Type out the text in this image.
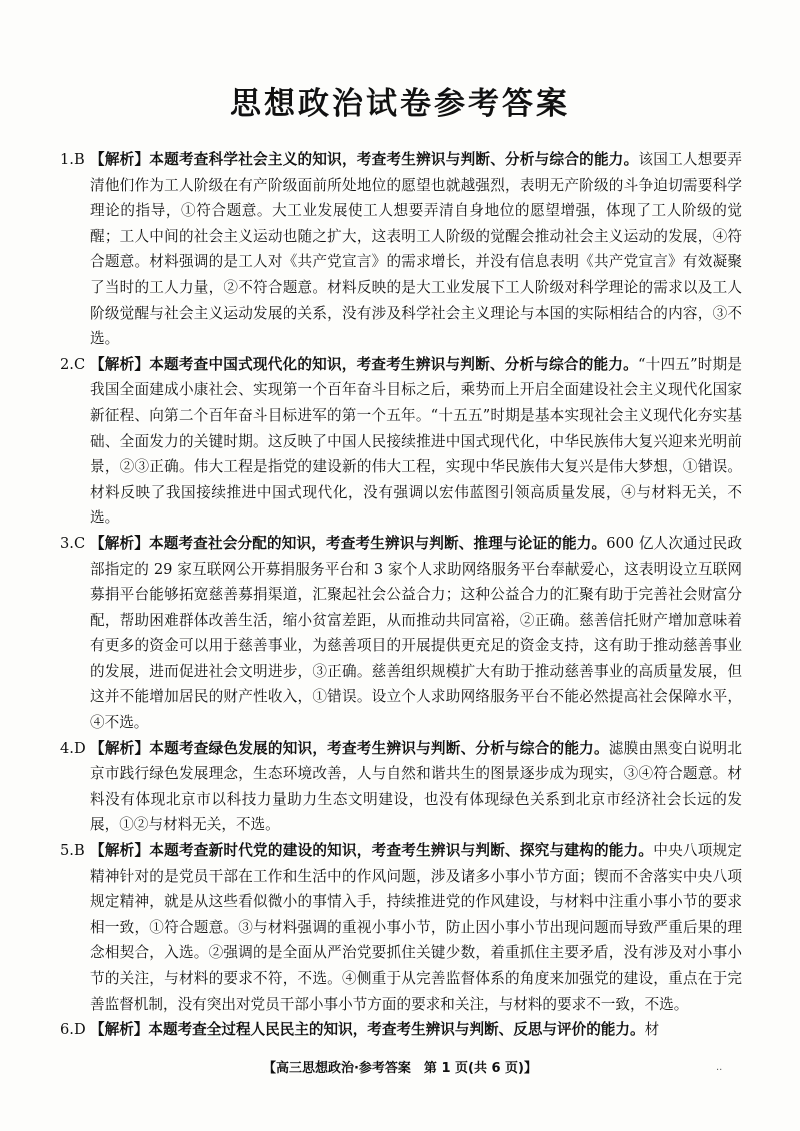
思想政治试卷参考答案

1.B 【解析】本题考查科学社会主义的知识，考查考生辨识与判断、分析与综合的能力。该国工人想要弄清他们作为工人阶级在有产阶级面前所处地位的愿望也就越强烈，表明无产阶级的斗争迫切需要科学理论的指导，①符合题意。大工业发展使工人想要弄清自身地位的愿望增强，体现了工人阶级的觉醒；工人中间的社会主义运动也随之扩大，这表明工人阶级的觉醒会推动社会主义运动的发展，④符合题意。材料强调的是工人对《共产党宣言》的需求增长，并没有信息表明《共产党宣言》有效凝聚了当时的工人力量，②不符合题意。材料反映的是大工业发展下工人阶级对科学理论的需求以及工人阶级觉醒与社会主义运动发展的关系，没有涉及科学社会主义理论与本国的实际相结合的内容，③不选。

2.C 【解析】本题考查中国式现代化的知识，考查考生辨识与判断、分析与综合的能力。“十四五”时期是我国全面建成小康社会、实现第一个百年奋斗目标之后，乘势而上开启全面建设社会主义现代化国家新征程、向第二个百年奋斗目标进军的第一个五年。“十五五”时期是基本实现社会主义现代化夯实基础、全面发力的关键时期。这反映了中国人民接续推进中国式现代化，中华民族伟大复兴迎来光明前景，②③正确。伟大工程是指党的建设新的伟大工程，实现中华民族伟大复兴是伟大梦想，①错误。材料反映了我国接续推进中国式现代化，没有强调以宏伟蓝图引领高质量发展，④与材料无关，不选。

3.C 【解析】本题考查社会分配的知识，考查考生辨识与判断、推理与论证的能力。600 亿人次通过民政部指定的 29 家互联网公开募捐服务平台和 3 家个人求助网络服务平台奉献爱心，这表明设立互联网募捐平台能够拓宽慈善募捐渠道，汇聚起社会公益合力；这种公益合力的汇聚有助于完善社会财富分配，帮助困难群体改善生活，缩小贫富差距，从而推动共同富裕，②正确。慈善信托财产增加意味着有更多的资金可以用于慈善事业，为慈善项目的开展提供更充足的资金支持，这有助于推动慈善事业的发展，进而促进社会文明进步，③正确。慈善组织规模扩大有助于推动慈善事业的高质量发展，但这并不能增加居民的财产性收入，①错误。设立个人求助网络服务平台不能必然提高社会保障水平，④不选。

4.D 【解析】本题考查绿色发展的知识，考查考生辨识与判断、分析与综合的能力。滤膜由黑变白说明北京市践行绿色发展理念，生态环境改善，人与自然和谐共生的图景逐步成为现实，③④符合题意。材料没有体现北京市以科技力量助力生态文明建设，也没有体现绿色关系到北京市经济社会长远的发展，①②与材料无关，不选。

5.B 【解析】本题考查新时代党的建设的知识，考查考生辨识与判断、探究与建构的能力。中央八项规定精神针对的是党员干部在工作和生活中的作风问题，涉及诸多小事小节方面；锲而不舍落实中央八项规定精神，就是从这些看似微小的事情入手，持续推进党的作风建设，与材料中注重小事小节的要求相一致，①符合题意。③与材料强调的重视小事小节，防止因小事小节出现问题而导致严重后果的理念相契合，入选。②强调的是全面从严治党要抓住关键少数，着重抓住主要矛盾，没有涉及对小事小节的关注，与材料的要求不符，不选。④侧重于从完善监督体系的角度来加强党的建设，重点在于完善监督机制，没有突出对党员干部小事小节方面的要求和关注，与材料的要求不一致，不选。

6.D 【解析】本题考查全过程人民民主的知识，考查考生辨识与判断、反思与评价的能力。材

【高三思想政治·参考答案　第 1 页(共 6 页)】	..
